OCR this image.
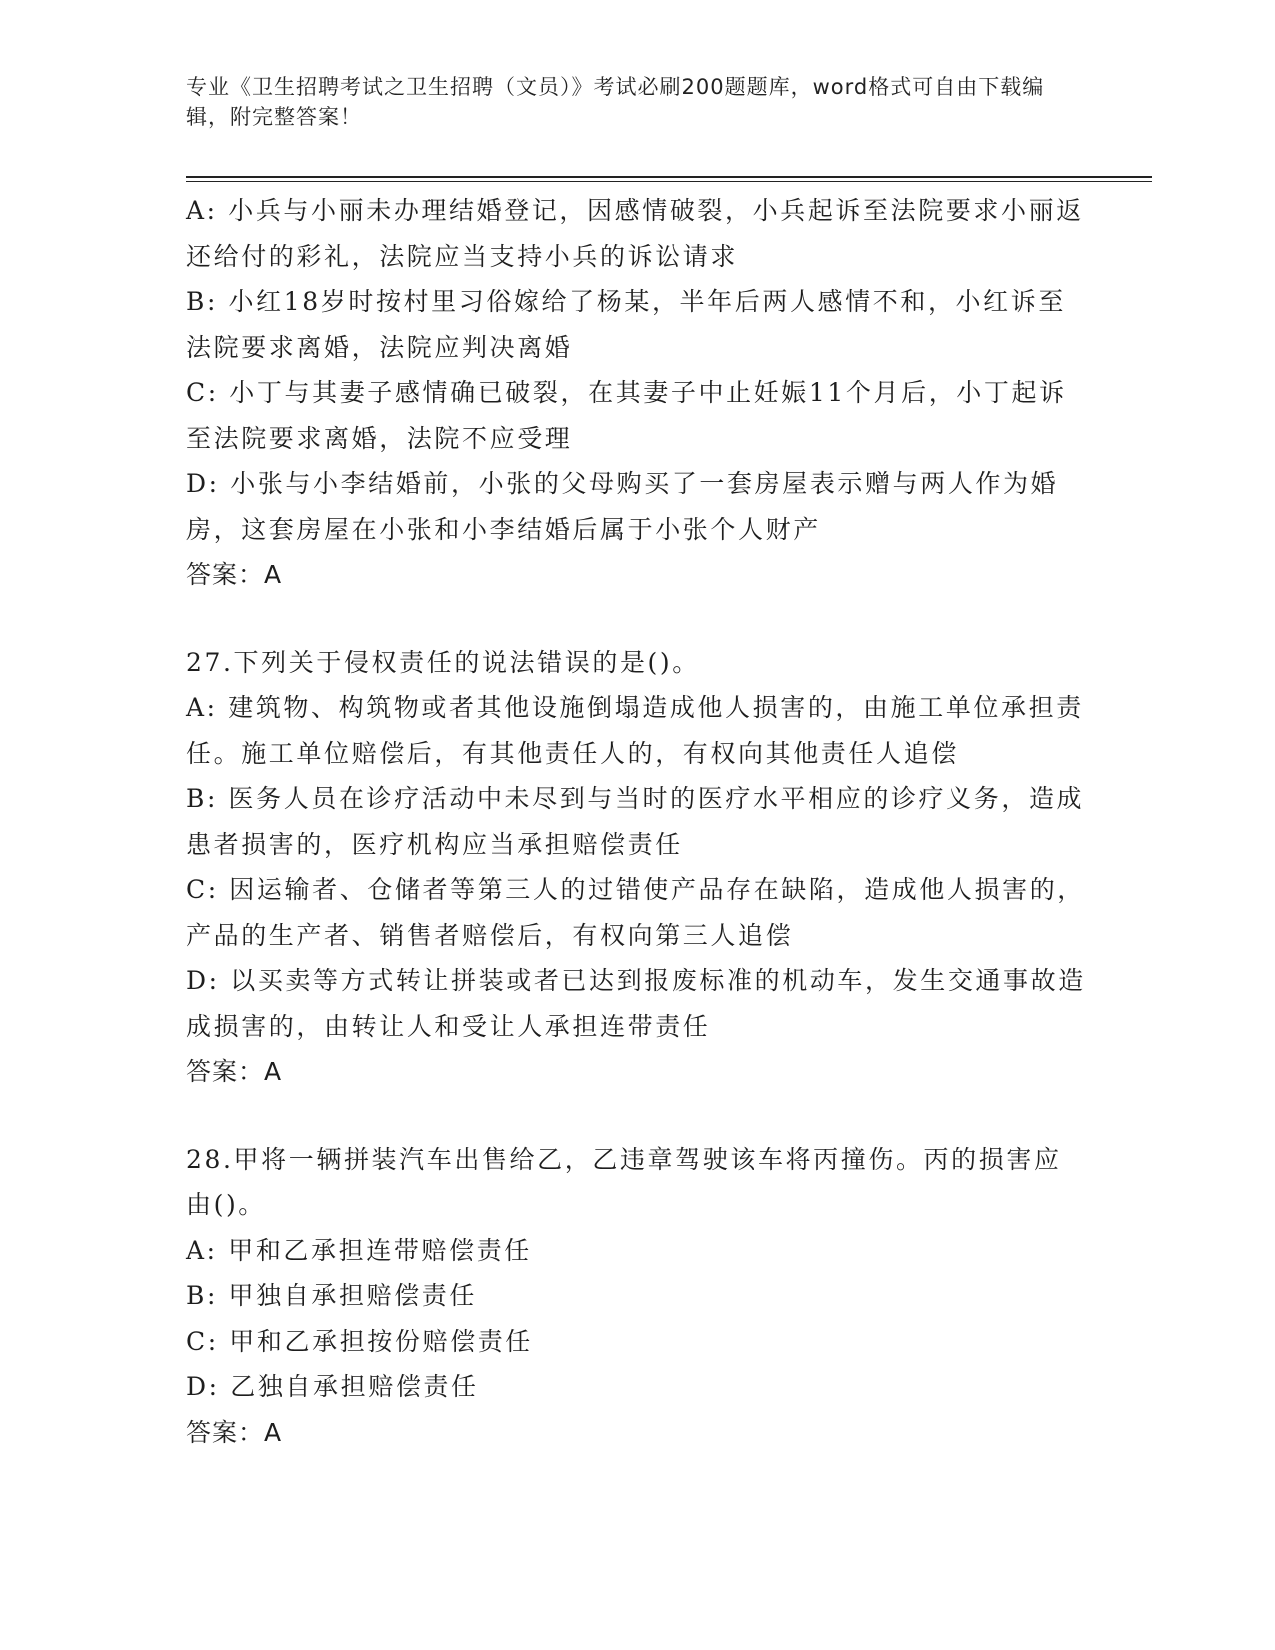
专业《卫生招聘考试之卫生招聘（文员）》考试必刷200题题库，word格式可自由下载编辑，附完整答案！

A: 小兵与小丽未办理结婚登记，因感情破裂，小兵起诉至法院要求小丽返还给付的彩礼，法院应当支持小兵的诉讼请求

B: 小红18岁时按村里习俗嫁给了杨某，半年后两人感情不和，小红诉至法院要求离婚，法院应判决离婚

C: 小丁与其妻子感情确已破裂，在其妻子中止妊娠11个月后，小丁起诉至法院要求离婚，法院不应受理

D: 小张与小李结婚前，小张的父母购买了一套房屋表示赠与两人作为婚房，这套房屋在小张和小李结婚后属于小张个人财产

答案：A

27.下列关于侵权责任的说法错误的是()。

A: 建筑物、构筑物或者其他设施倒塌造成他人损害的，由施工单位承担责任。施工单位赔偿后，有其他责任人的，有权向其他责任人追偿

B: 医务人员在诊疗活动中未尽到与当时的医疗水平相应的诊疗义务，造成患者损害的，医疗机构应当承担赔偿责任

C: 因运输者、仓储者等第三人的过错使产品存在缺陷，造成他人损害的，产品的生产者、销售者赔偿后，有权向第三人追偿

D: 以买卖等方式转让拼装或者已达到报废标准的机动车，发生交通事故造成损害的，由转让人和受让人承担连带责任

答案：A

28.甲将一辆拼装汽车出售给乙，乙违章驾驶该车将丙撞伤。丙的损害应由()。

A: 甲和乙承担连带赔偿责任

B: 甲独自承担赔偿责任

C: 甲和乙承担按份赔偿责任

D: 乙独自承担赔偿责任

答案：A
